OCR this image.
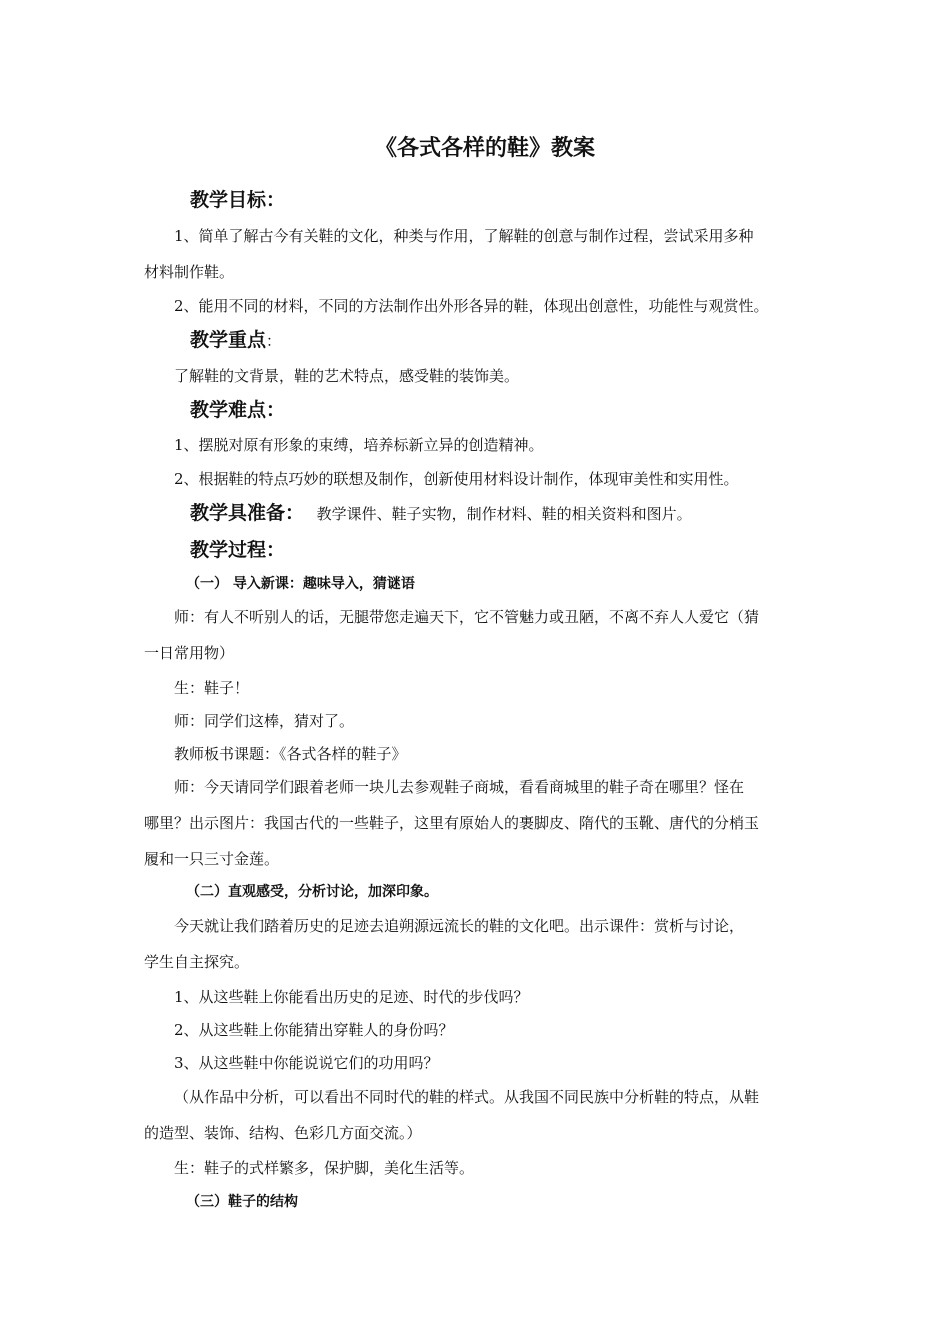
《各式各样的鞋》教案
教学目标：
1、简单了解古今有关鞋的文化，种类与作用，了解鞋的创意与制作过程，尝试采用多种
材料制作鞋。
2、能用不同的材料，不同的方法制作出外形各异的鞋，体现出创意性，功能性与观赏性。
教学重点：
了解鞋的文背景，鞋的艺术特点，感受鞋的装饰美。
教学难点：
1、摆脱对原有形象的束缚，培养标新立异的创造精神。
2、根据鞋的特点巧妙的联想及制作，创新使用材料设计制作，体现审美性和实用性。
教学具准备： 教学课件、鞋子实物，制作材料、鞋的相关资料和图片。
教学过程：
（一） 导入新课：趣味导入，猜谜语
师：有人不听别人的话，无腿带您走遍天下，它不管魅力或丑陋，不离不弃人人爱它（猜
一日常用物）
生：鞋子！
师：同学们这棒，猜对了。
教师板书课题：《各式各样的鞋子》
师：今天请同学们跟着老师一块儿去参观鞋子商城，看看商城里的鞋子奇在哪里？怪在
哪里？出示图片：我国古代的一些鞋子，这里有原始人的裹脚皮、隋代的玉靴、唐代的分梢玉
履和一只三寸金莲。
（二）直观感受，分析讨论，加深印象。
今天就让我们踏着历史的足迹去追朔源远流长的鞋的文化吧。出示课件：赏析与讨论，
学生自主探究。
1、从这些鞋上你能看出历史的足迹、时代的步伐吗？
2、从这些鞋上你能猜出穿鞋人的身份吗？
3、从这些鞋中你能说说它们的功用吗？
（从作品中分析，可以看出不同时代的鞋的样式。从我国不同民族中分析鞋的特点，从鞋
的造型、装饰、结构、色彩几方面交流。）
生：鞋子的式样繁多，保护脚，美化生活等。
（三）鞋子的结构
